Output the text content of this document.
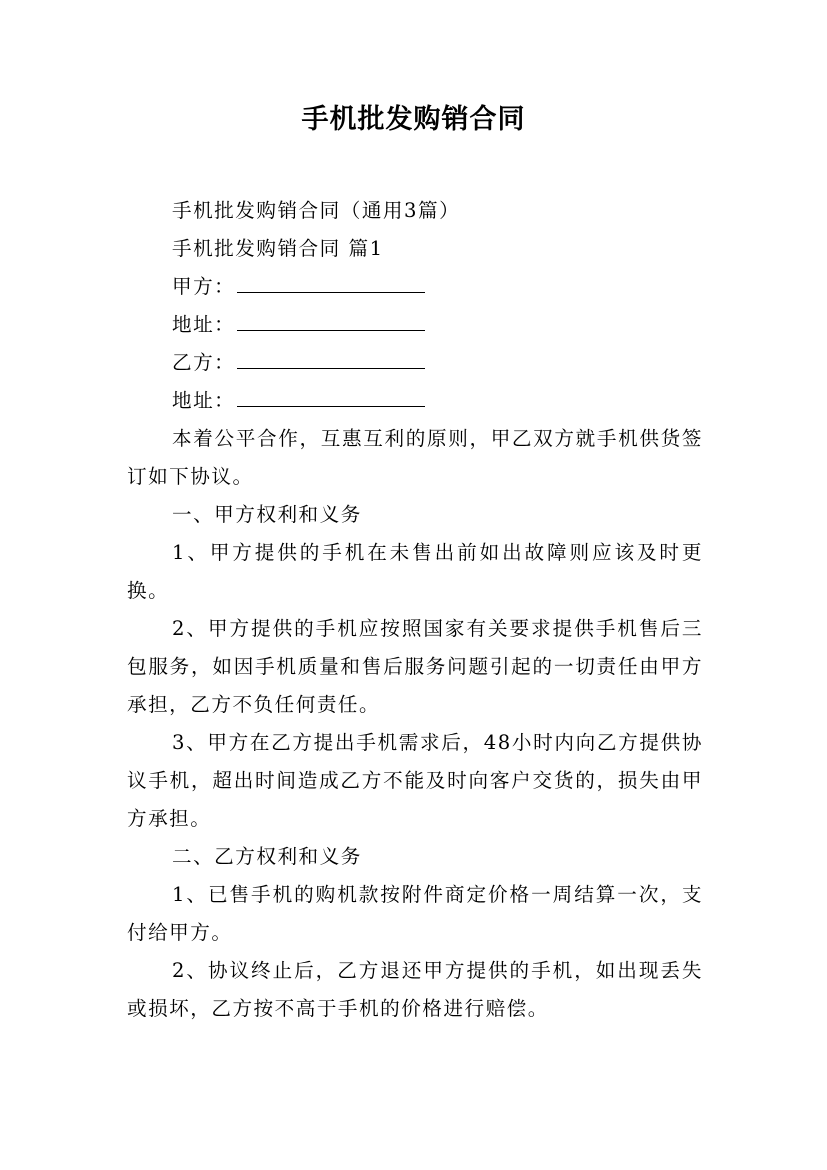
手机批发购销合同

手机批发购销合同（通用3篇）

手机批发购销合同 篇1

甲方：

地址：

乙方：

地址：

本着公平合作，互惠互利的原则，甲乙双方就手机供货签订如下协议。

一、甲方权利和义务

1、甲方提供的手机在未售出前如出故障则应该及时更换。

2、甲方提供的手机应按照国家有关要求提供手机售后三包服务，如因手机质量和售后服务问题引起的一切责任由甲方承担，乙方不负任何责任。

3、甲方在乙方提出手机需求后，48小时内向乙方提供协议手机，超出时间造成乙方不能及时向客户交货的，损失由甲方承担。

二、乙方权利和义务

1、已售手机的购机款按附件商定价格一周结算一次，支付给甲方。

2、协议终止后，乙方退还甲方提供的手机，如出现丢失或损坏，乙方按不高于手机的价格进行赔偿。
